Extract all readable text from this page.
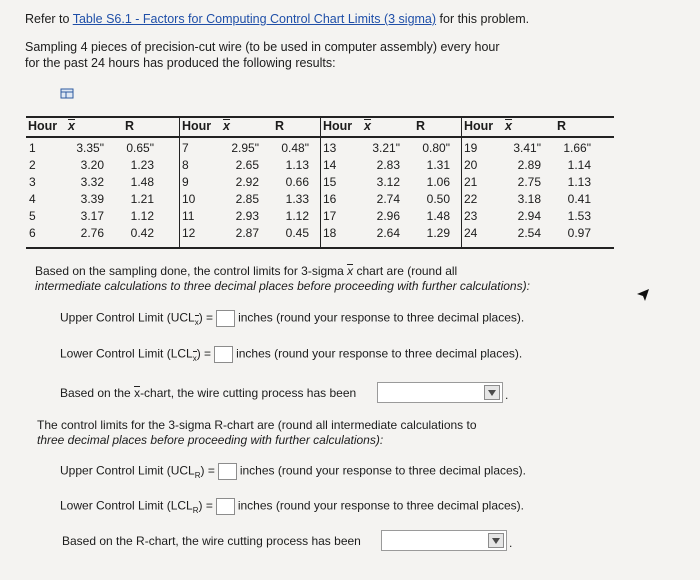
Refer to Table S6.1 - Factors for Computing Control Chart Limits (3 sigma) for this problem.
Sampling 4 pieces of precision-cut wire (to be used in computer assembly) every hour
for the past 24 hours has produced the following results:
Hour x	R
1	3.35"	0.65"
2	3.20	1.23
3	3.32	1.48
4	3.39	1.21
5	3.17	1.12
6	2.76	0.42
Hour x	R
7	2.95"	0.48"
8	2.65	1.13
9	2.92	0.66
10	2.85	1.33
11	2.93	1.12
12	2.87	0.45
Hour x	R
13	3.21"	0.80"
14	2.83	1.31
15	3.12	1.06
16	2.74	0.50
17	2.96	1.48
18	2.64	1.29
Hour x	R
19	3.41"	1.66"
20	2.89	1.14
21	2.75	1.13
22	3.18	0.41
23	2.94	1.53
24	2.54	0.97
Based on the sampling done, the control limits for 3-sigma x chart are (round all
intermediate calculations to three decimal places before proceeding with further calculations):
Upper Control Limit $(UCL_x)$ = inches (round your response to three decimal places).
Lower Control Limit $(LCL_x)$ = inches (round your response to three decimal places).
Based on the x-chart, the wire cutting process has been	.
The control limits for the 3-sigma R-chart are (round all intermediate calculations to
three decimal places before proceeding with further calculations):
Upper Control Limit $(UCL_R)$ = inches (round your response to three decimal places).
Lower Control Limit $(LCL_R)$ = inches (round your response to three decimal places).
Based on the R-chart, the wire cutting process has been	.
